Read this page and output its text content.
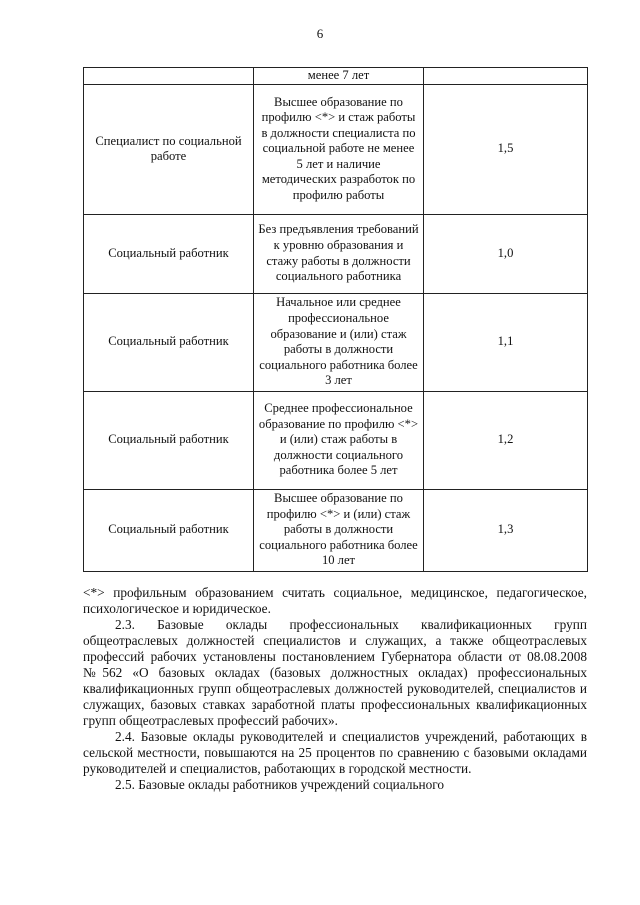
6
	менее 7 лет	
Специалист по социальной работе	Высшее образование по профилю <*> и стаж работы в должности специалиста по социальной работе не менее 5 лет и наличие методических разработок по профилю работы	1,5
Социальный работник	Без предъявления требований к уровню образования и стажу работы в должности социального работника	1,0
Социальный работник	Начальное или среднее профессиональное образование и (или) стаж работы в должности социального работника более 3 лет	1,1
Социальный работник	Среднее профессиональное образование по профилю <*> и (или) стаж работы в должности социального работника более 5 лет	1,2
Социальный работник	Высшее образование по профилю <*> и (или) стаж работы в должности социального работника более 10 лет	1,3

<*> профильным образованием считать социальное, медицинское, педагогическое, психологическое и юридическое.

2.3. Базовые оклады профессиональных квалификационных групп общеотраслевых должностей специалистов и служащих, а также общеотраслевых профессий рабочих установлены постановлением Губернатора области от 08.08.2008 №562 «О базовых окладах (базовых должностных окладах) профессиональных квалификационных групп общеотраслевых должностей руководителей, специалистов и служащих, базовых ставках заработной платы профессиональных квалификационных групп общеотраслевых профессий рабочих».

2.4. Базовые оклады руководителей и специалистов учреждений, работающих в сельской местности, повышаются на 25 процентов по сравнению с базовыми окладами руководителей и специалистов, работающих в городской местности.

2.5. Базовые оклады работников учреждений социального
